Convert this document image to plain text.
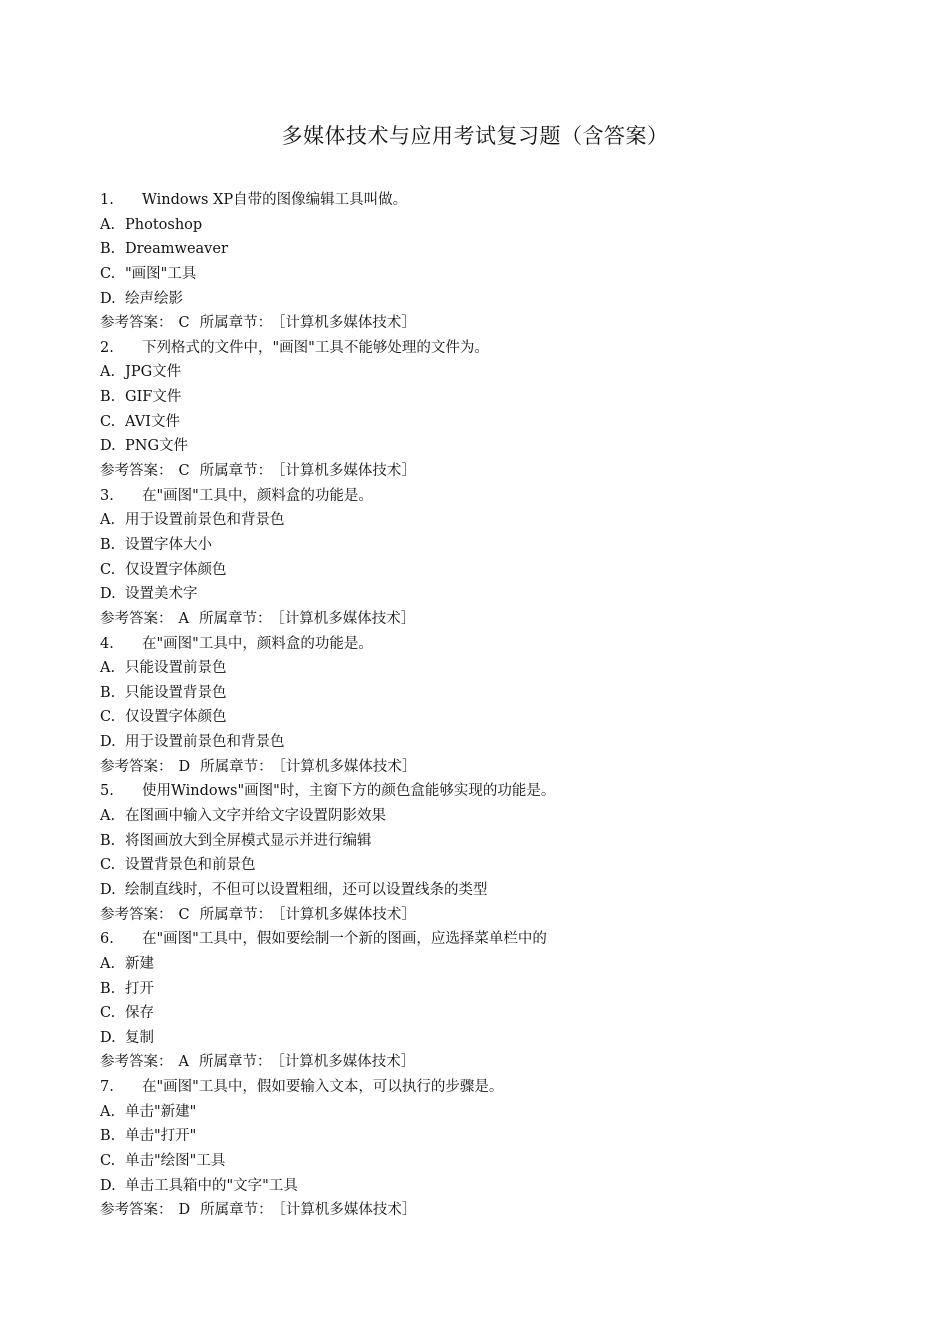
多媒体技术与应用考试复习题（含答案）
1. Windows XP自带的图像编辑工具叫做。
A. Photoshop
B. Dreamweaver
C. "画图"工具
D. 绘声绘影
参考答案： C 所属章节： ［计算机多媒体技术］
2. 下列格式的文件中，"画图"工具不能够处理的文件为。
A. JPG文件
B. GIF文件
C. AVI文件
D. PNG文件
参考答案： C 所属章节： ［计算机多媒体技术］
3. 在"画图"工具中，颜料盒的功能是。
A. 用于设置前景色和背景色
B. 设置字体大小
C. 仅设置字体颜色
D. 设置美术字
参考答案： A 所属章节： ［计算机多媒体技术］
4. 在"画图"工具中，颜料盒的功能是。
A. 只能设置前景色
B. 只能设置背景色
C. 仅设置字体颜色
D. 用于设置前景色和背景色
参考答案： D 所属章节： ［计算机多媒体技术］
5. 使用Windows"画图"时，主窗下方的颜色盒能够实现的功能是。
A. 在图画中输入文字并给文字设置阴影效果
B. 将图画放大到全屏模式显示并进行编辑
C. 设置背景色和前景色
D. 绘制直线时，不但可以设置粗细，还可以设置线条的类型
参考答案： C 所属章节： ［计算机多媒体技术］
6. 在"画图"工具中，假如要绘制一个新的图画，应选择菜单栏中的
A. 新建
B. 打开
C. 保存
D. 复制
参考答案： A 所属章节： ［计算机多媒体技术］
7. 在"画图"工具中，假如要输入文本，可以执行的步骤是。
A. 单击"新建"
B. 单击"打开"
C. 单击"绘图"工具
D. 单击工具箱中的"文字"工具
参考答案： D 所属章节： ［计算机多媒体技术］
